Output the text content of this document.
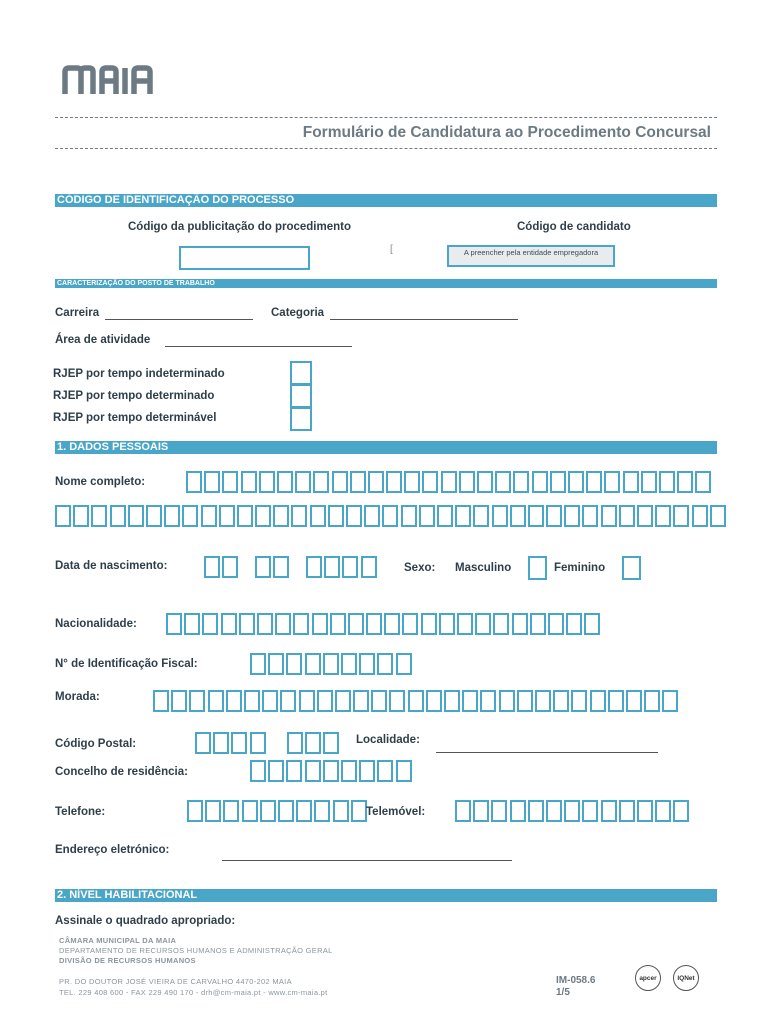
Formulário de Candidatura ao Procedimento Concursal
CÓDIGO DE IDENTIFICAÇÃO DO PROCESSO
Código da publicitação do procedimento	Código de candidato
[	A preencher pela entidade empregadora
CARACTERIZAÇÃO DO POSTO DE TRABALHO
Carreira	Categoria
Área de atividade
RJEP por tempo indeterminado
RJEP por tempo determinado
RJEP por tempo determinável
1. DADOS PESSOAIS
Nome completo:
Data de nascimento:	Sexo: Masculino	Feminino
Nacionalidade:
N° de Identificação Fiscal:
Morada:
Código Postal:	Localidade:
Concelho de residência:
Telefone:	Telemóvel:
Endereço eletrónico:
2. NÍVEL HABILITACIONAL
Assinale o quadrado apropriado:
CÂMARA MUNICIPAL DA MAIA
DEPARTAMENTO DE RECURSOS HUMANOS E ADMINISTRAÇÃO GERAL
DIVISÃO DE RECURSOS HUMANOS
PR. DO DOUTOR JOSÉ VIEIRA DE CARVALHO 4470-202 MAIA
TEL. 229 408 600 - FAX 229 490 170 - drh@cm-maia.pt - www.cm-maia.pt
IM-058.6
1/5
apcer	IQNet
